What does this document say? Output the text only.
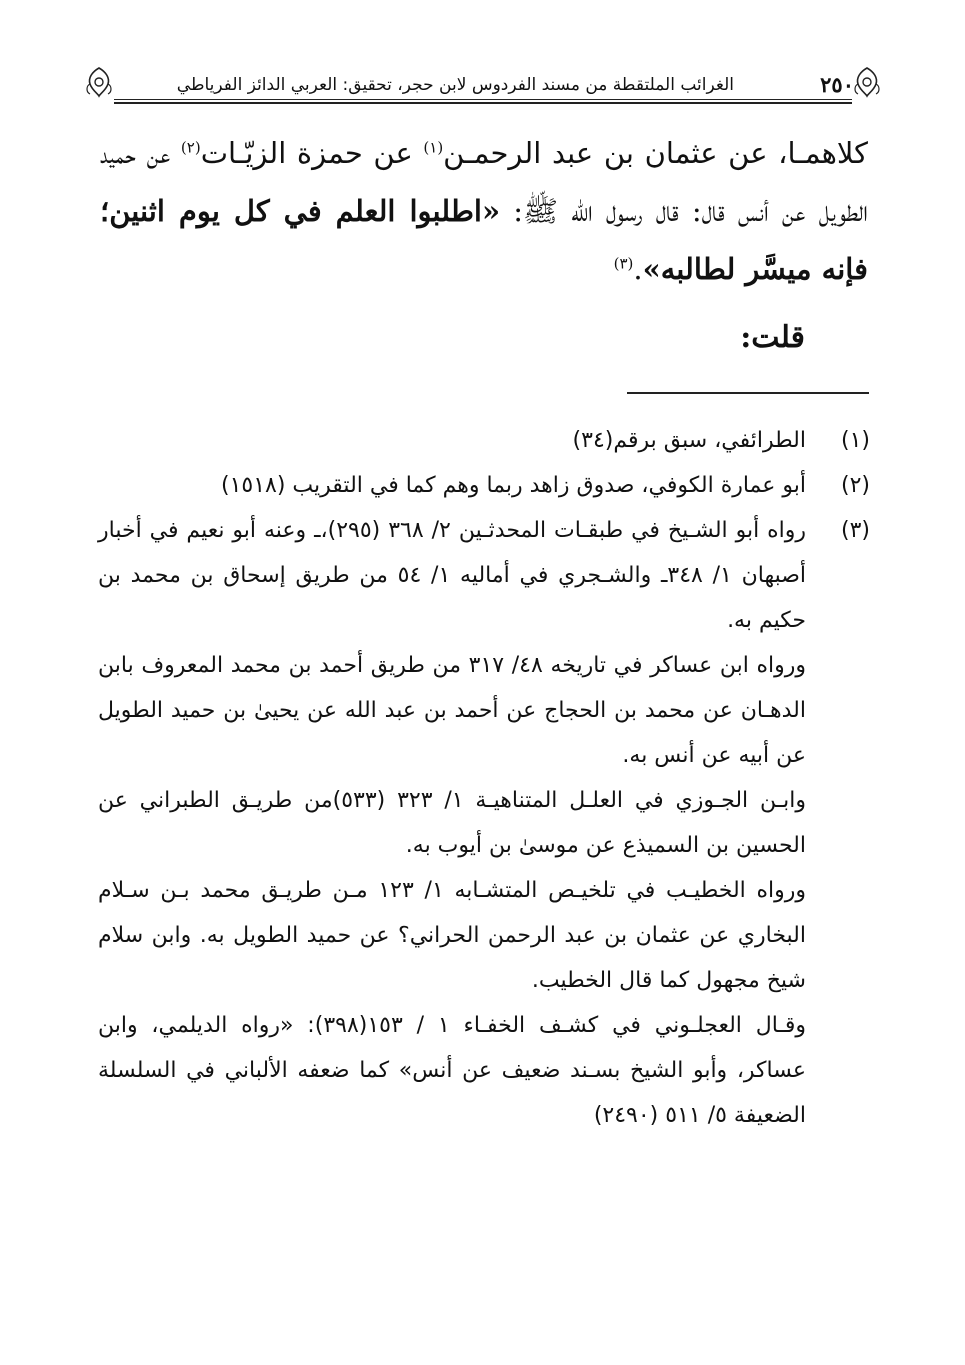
٢٥٠
الغرائب الملتقطة من مسند الفردوس لابن حجر، تحقيق: العربي الدائز الفرياطي

كلاهمـا، عن عثمان بن عبد الرحمـن$^{(١)}$ عن حمزة الزيّـات$^{(٢)}$ عن حميد الطويل عن أنس قال: قال رسول الله ﷺ: «اطلبوا العلم في كل يوم اثنين؛ فإنه ميسَّر لطالبه».$^{(٣)}$

قلت:
(١)

الطرائفي، سبق برقم(٣٤)

(٢)

أبو عمارة الكوفي، صدوق زاهد ربما وهم كما في التقريب (١٥١٨)

(٣)

رواه أبو الشـيخ في طبقـات المحدثـين ٢/ ٣٦٨ (٢٩٥)،ـ وعنه أبو نعيم في أخبار أصبهان ١/ ٣٤٨ـ والشـجري في أماليه ١/ ٥٤ من طريق إسحاق بن محمد بن حكيم به.

ورواه ابن عساكر في تاريخه ٤٨/ ٣١٧ من طريق أحمد بن محمد المعروف بابن الدهـان عن محمد بن الحجاج عن أحمد بن عبد الله عن يحيىٰ بن حميد الطويل عن أبيه عن أنس به.

وابـن الجـوزي في العلـل المتناهيـة ١/ ٣٢٣ (٥٣٣)من طريـق الطبراني عن الحسين بن السميذع عن موسىٰ بن أيوب به.

ورواه الخطيـب في تلخيـص المتشـابه ١/ ١٢٣ مـن طريـق محمد بـن سـلام البخاري عن عثمان بن عبد الرحمن الحراني؟ عن حميد الطويل به. وابن سلام شيخ مجهول كما قال الخطيب.

وقـال العجلـوني في كشـف الخفـاء ١ / ١٥٣(٣٩٨): «رواه الديلمي، وابن عساكر، وأبو الشيخ بسـند ضعيف عن أنس» كما ضعفه الألباني في السلسلة الضعيفة ٥/ ٥١١ (٢٤٩٠)
